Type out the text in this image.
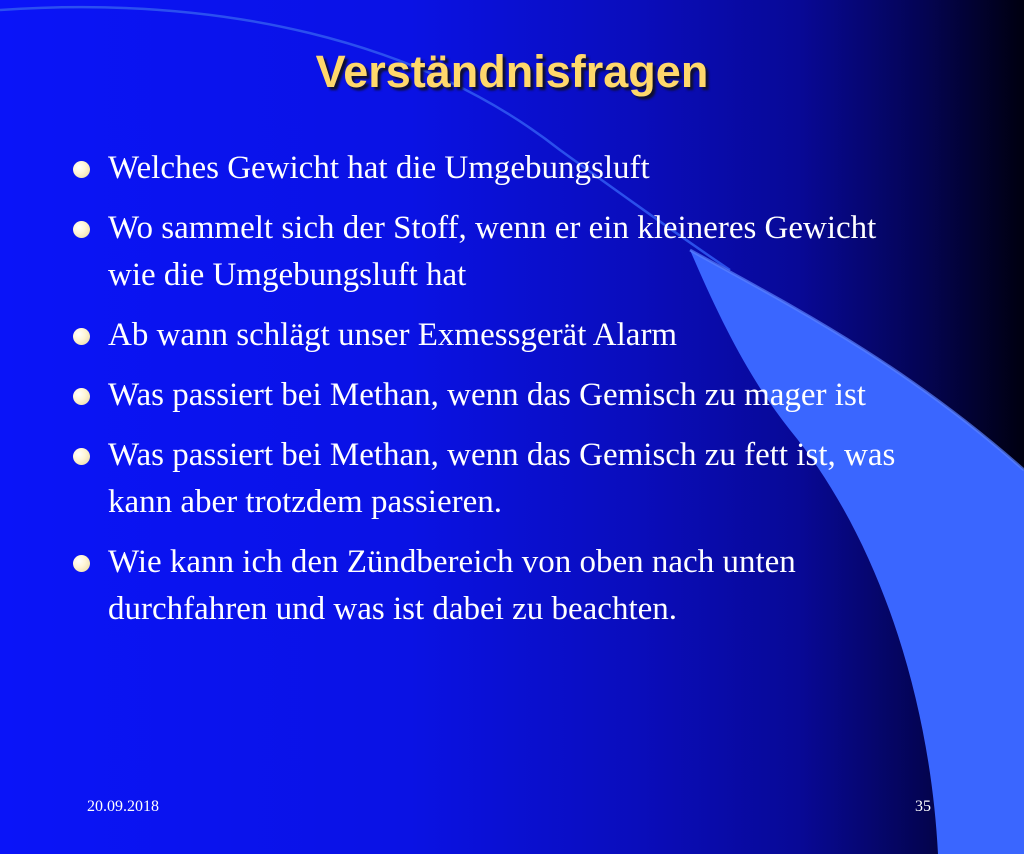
Verständnisfragen
Welches Gewicht hat die Umgebungsluft
Wo sammelt sich der Stoff, wenn er ein kleineres Gewicht wie die Umgebungsluft hat
Ab wann schlägt unser Exmessgerät Alarm
Was passiert bei Methan, wenn das Gemisch zu mager ist
Was passiert bei Methan, wenn das Gemisch zu fett ist, was kann aber trotzdem passieren.
Wie kann ich den Zündbereich von oben nach unten durchfahren und was ist dabei zu beachten.
20.09.2018	35
